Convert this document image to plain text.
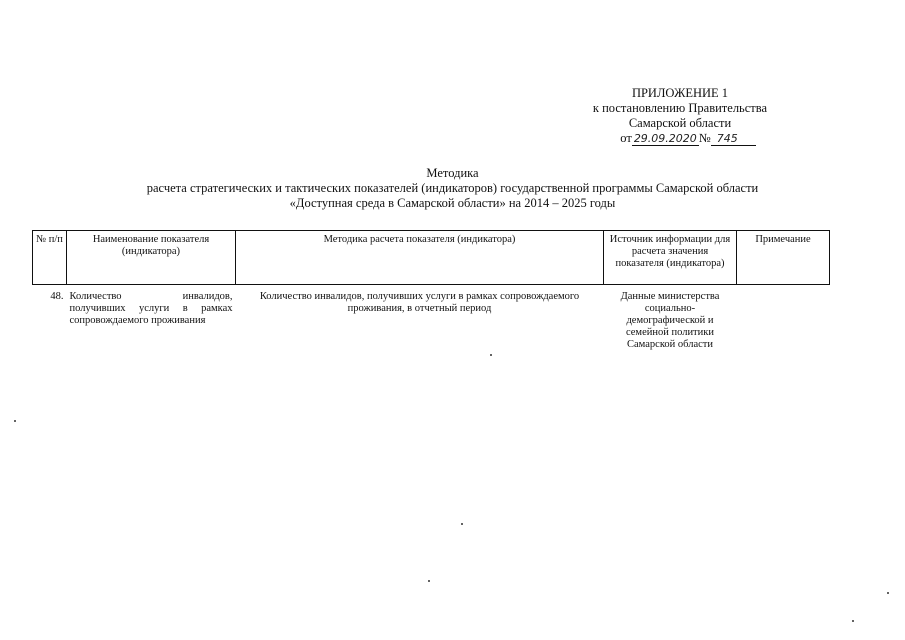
ПРИЛОЖЕНИЕ 1
к постановлению Правительства
Самарской области
от 29.09.2020 № 745
Методика
расчета стратегических и тактических показателей (индикаторов) государственной программы Самарской области
«Доступная среда в Самарской области» на 2014 – 2025 годы
№ п/п	Наименование показателя (индикатора)	Методика расчета показателя (индикатора)	Источник информации для расчета значения показателя (индикатора)	Примечание
48.	Количество инвалидов, получивших услуги в рамках сопровождаемого проживания	Количество инвалидов, получивших услуги в рамках сопровождаемого проживания, в отчетный период	Данные министерства социально-демографической и семейной политики Самарской области	
